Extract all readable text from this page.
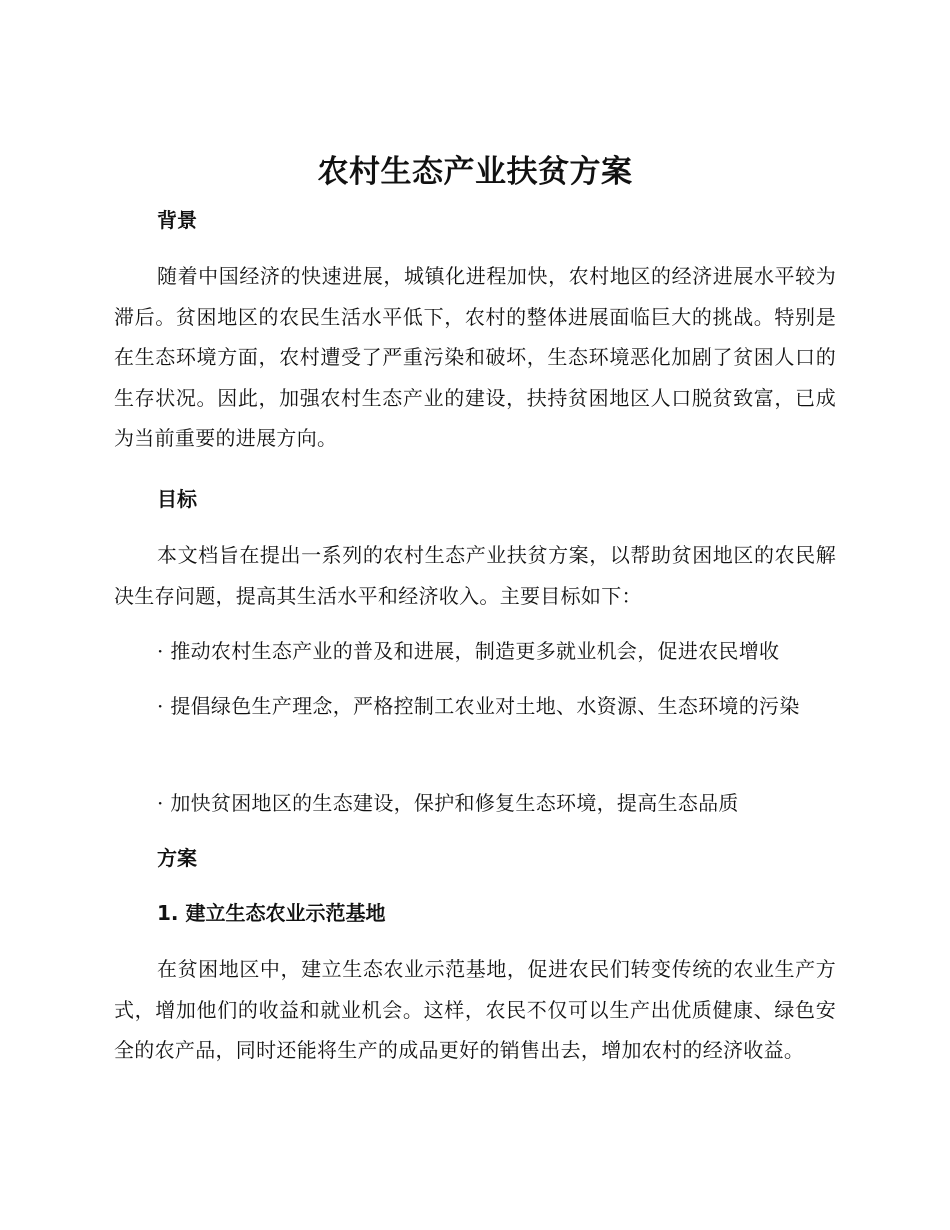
农村生态产业扶贫方案
背景
随着中国经济的快速进展，城镇化进程加快，农村地区的经济进展水平较为滞后。贫困地区的农民生活水平低下，农村的整体进展面临巨大的挑战。特别是在生态环境方面，农村遭受了严重污染和破坏，生态环境恶化加剧了贫困人口的生存状况。因此，加强农村生态产业的建设，扶持贫困地区人口脱贫致富，已成为当前重要的进展方向。
目标
本文档旨在提出一系列的农村生态产业扶贫方案，以帮助贫困地区的农民解决生存问题，提高其生活水平和经济收入。主要目标如下：
· 推动农村生态产业的普及和进展，制造更多就业机会，促进农民增收
· 提倡绿色生产理念，严格控制工农业对土地、水资源、生态环境的污染
· 加快贫困地区的生态建设，保护和修复生态环境，提高生态品质
方案
1. 建立生态农业示范基地
在贫困地区中，建立生态农业示范基地，促进农民们转变传统的农业生产方式，增加他们的收益和就业机会。这样，农民不仅可以生产出优质健康、绿色安全的农产品，同时还能将生产的成品更好的销售出去，增加农村的经济收益。
